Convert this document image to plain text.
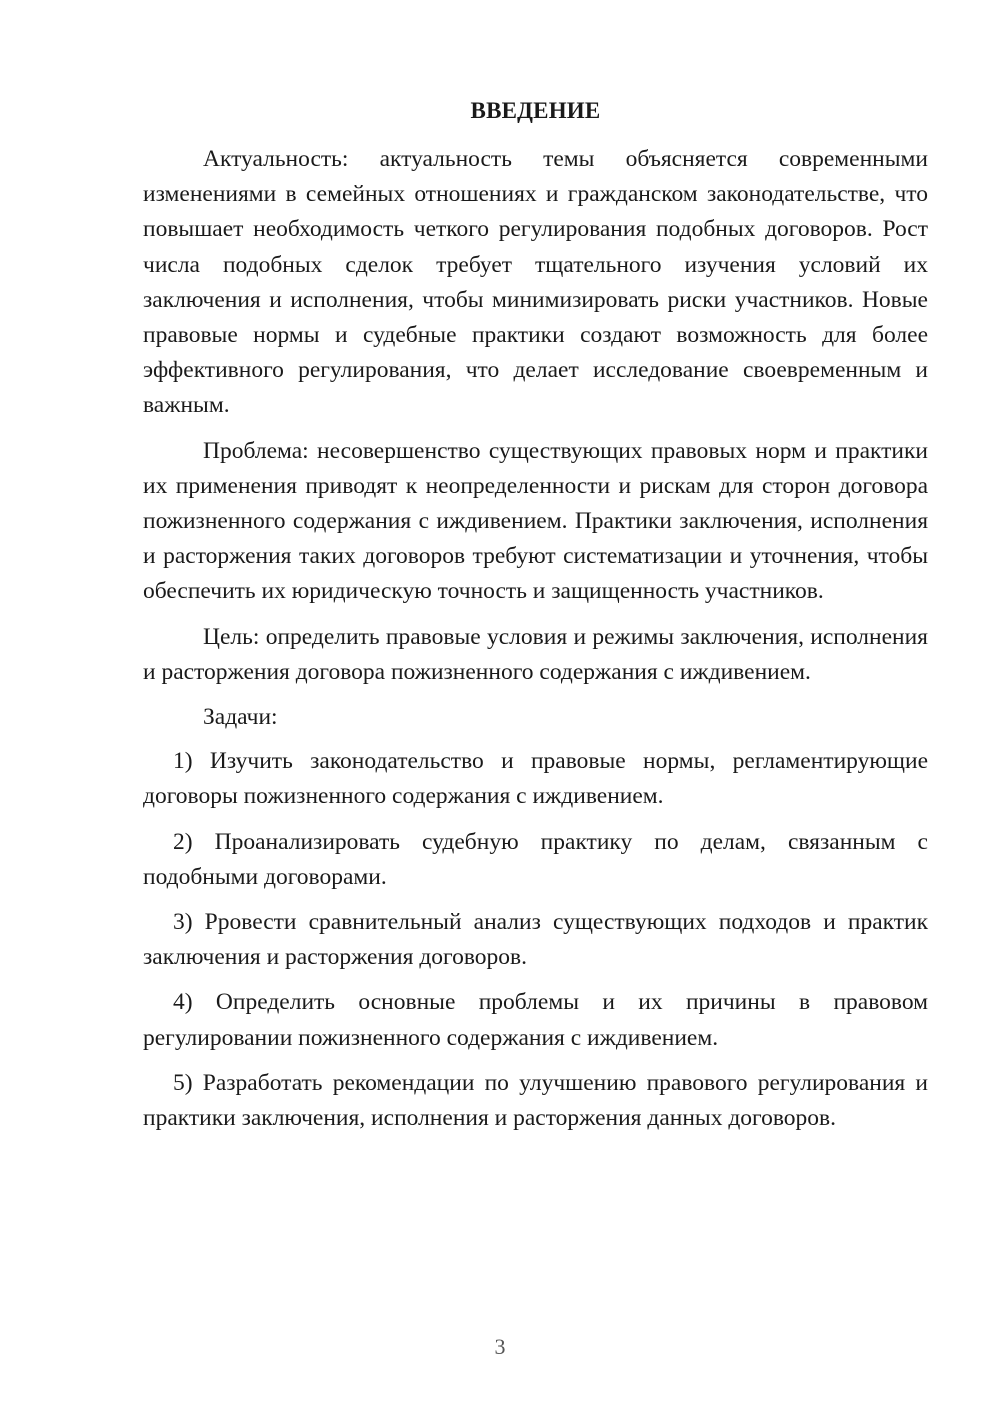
ВВЕДЕНИЕ

Актуальность: актуальность темы объясняется современными изменениями в семейных отношениях и гражданском законодательстве, что повышает необходимость четкого регулирования подобных договоров. Рост числа подобных сделок требует тщательного изучения условий их заключения и исполнения, чтобы минимизировать риски участников. Новые правовые нормы и судебные практики создают возможность для более эффективного регулирования, что делает исследование своевременным и важным.

Проблема: несовершенство существующих правовых норм и практики их применения приводят к неопределенности и рискам для сторон договора пожизненного содержания с иждивением. Практики заключения, исполнения и расторжения таких договоров требуют систематизации и уточнения, чтобы обеспечить их юридическую точность и защищенность участников.

Цель: определить правовые условия и режимы заключения, исполнения и расторжения договора пожизненного содержания с иждивением.

Задачи:

1) Изучить законодательство и правовые нормы, регламентирующие договоры пожизненного содержания с иждивением.

2) Проанализировать судебную практику по делам, связанным с подобными договорами.

3) Рровести сравнительный анализ существующих подходов и практик заключения и расторжения договоров.

4) Определить основные проблемы и их причины в правовом регулировании пожизненного содержания с иждивением.

5) Разработать рекомендации по улучшению правового регулирования и практики заключения, исполнения и расторжения данных договоров.

3
